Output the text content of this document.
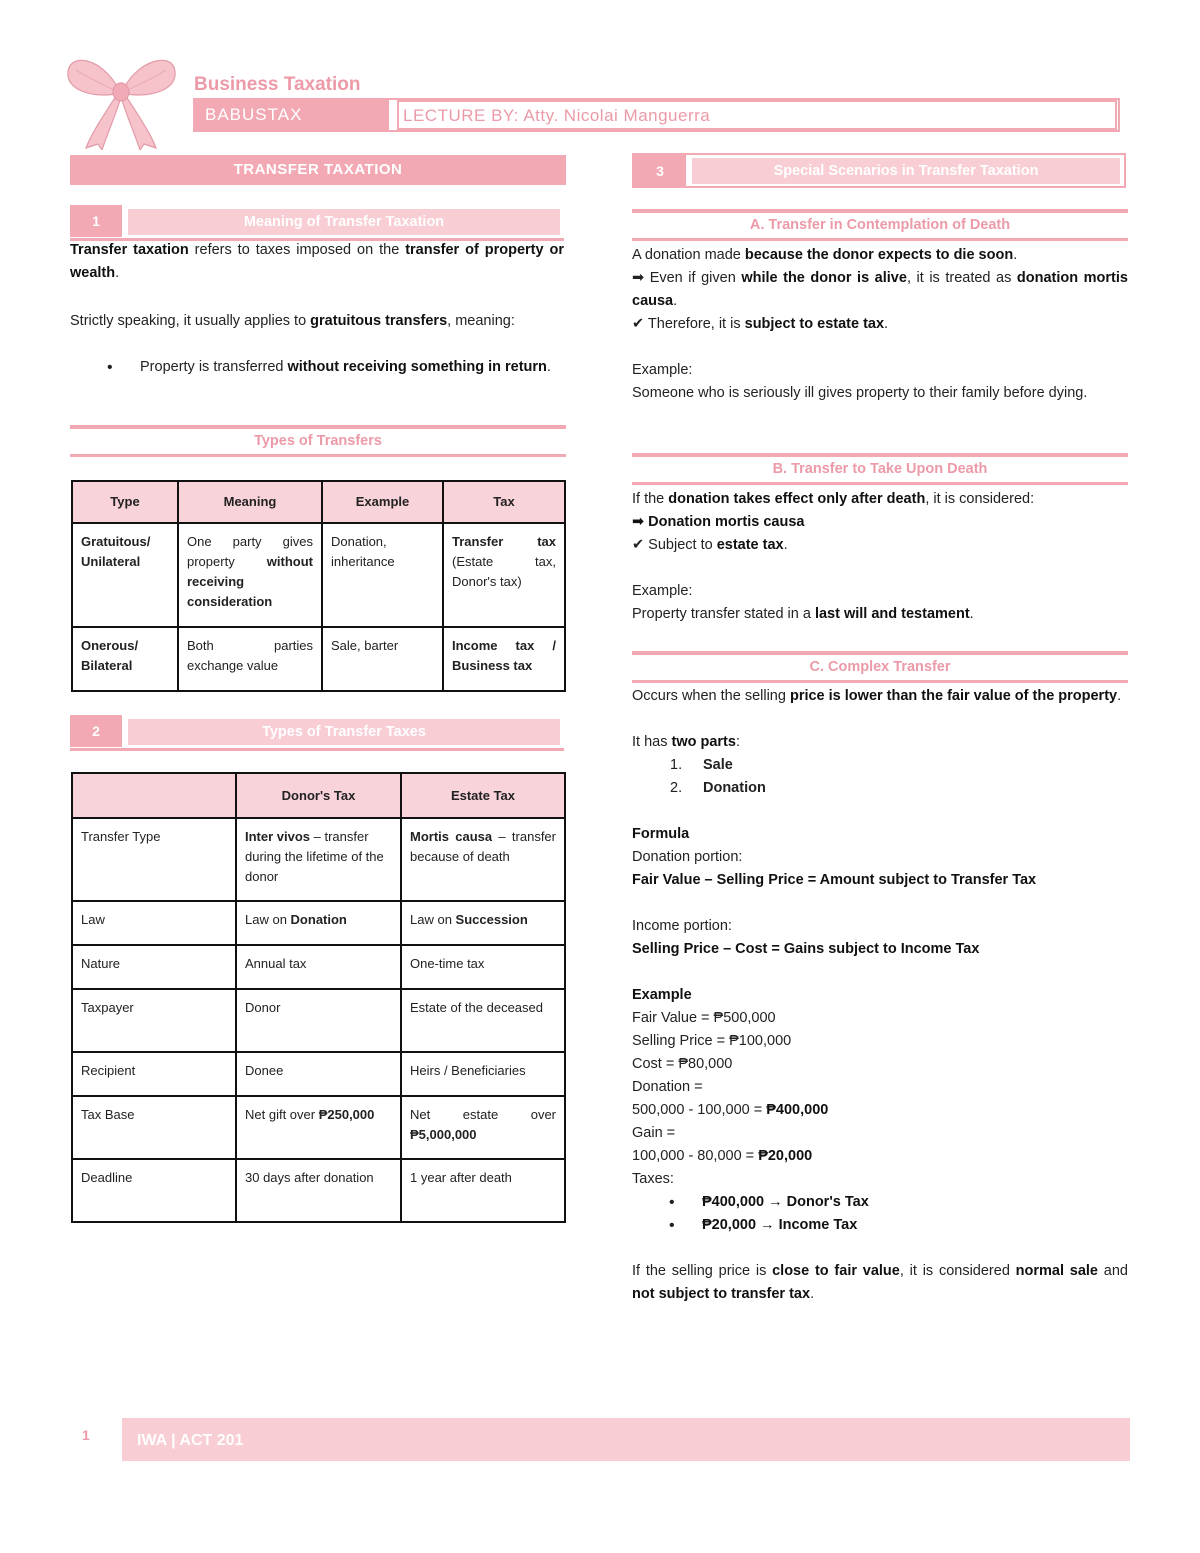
Business Taxation
BABUSTAX	LECTURE BY: Atty. Nicolai Manguerra
TRANSFER TAXATION
1	Meaning of Transfer Taxation
Transfer taxation refers to taxes imposed on the transfer of property or wealth.
Strictly speaking, it usually applies to gratuitous transfers, meaning:
• Property is transferred without receiving something in return.
Types of Transfers
Type	Meaning	Example	Tax
Gratuitous/ Unilateral	One party gives property without receiving consideration	Donation, inheritance	Transfer tax (Estate tax, Donor's tax)
Onerous/ Bilateral	Both parties exchange value	Sale, barter	Income tax / Business tax
2	Types of Transfer Taxes
	Donor's Tax	Estate Tax
Transfer Type	Inter vivos – transfer during the lifetime of the donor	Mortis causa – transfer because of death
Law	Law on Donation	Law on Succession
Nature	Annual tax	One-time tax
Taxpayer	Donor	Estate of the deceased
Recipient	Donee	Heirs / Beneficiaries
Tax Base	Net gift over ₱250,000	Net estate over ₱5,000,000
Deadline	30 days after donation	1 year after death
3	Special Scenarios in Transfer Taxation
A. Transfer in Contemplation of Death
A donation made because the donor expects to die soon.
➡ Even if given while the donor is alive, it is treated as donation mortis causa.
✔ Therefore, it is subject to estate tax.
Example:
Someone who is seriously ill gives property to their family before dying.
B. Transfer to Take Upon Death
If the donation takes effect only after death, it is considered:
➡ Donation mortis causa
✔ Subject to estate tax.
Example:
Property transfer stated in a last will and testament.
C. Complex Transfer
Occurs when the selling price is lower than the fair value of the property.
It has two parts:
1. Sale
2. Donation
Formula
Donation portion:
Fair Value – Selling Price = Amount subject to Transfer Tax
Income portion:
Selling Price – Cost = Gains subject to Income Tax
Example
Fair Value = ₱500,000
Selling Price = ₱100,000
Cost = ₱80,000
Donation =
500,000 - 100,000 = ₱400,000
Gain =
100,000 - 80,000 = ₱20,000
Taxes:
• ₱400,000 → Donor's Tax
• ₱20,000 → Income Tax
If the selling price is close to fair value, it is considered normal sale and not subject to transfer tax.
1	IWA | ACT 201
